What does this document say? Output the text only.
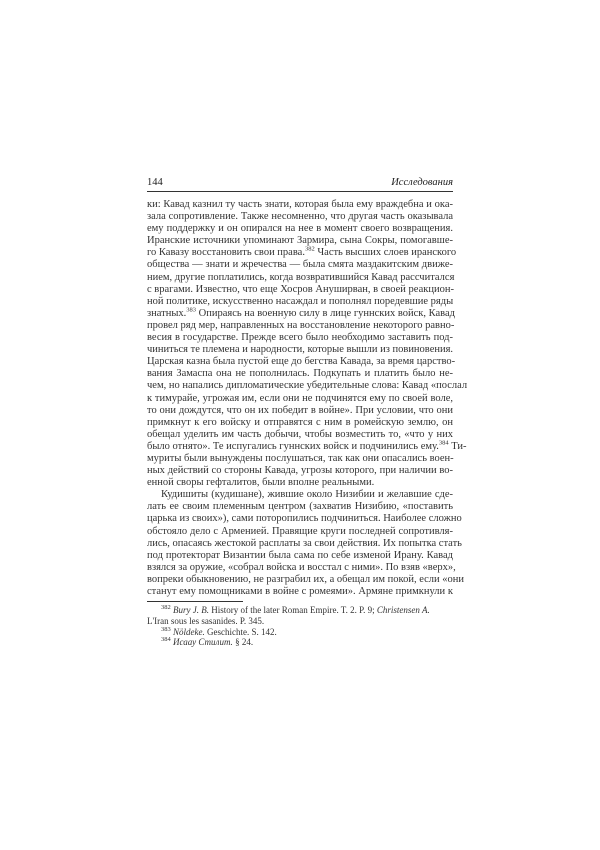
144	Исследования

ки: Кавад казнил ту часть знати, которая была ему враждебна и ока-
зала сопротивление. Также несомненно, что другая часть оказывала
ему поддержку и он опирался на нее в момент своего возвращения.
Иранские источники упоминают Зармира, сына Сокры, помогавше-
го Кавазу восстановить свои права.$^{382}$ Часть высших слоев иранского
общества — знати и жречества — была смята маздакитским движе-
нием, другие поплатились, когда возвратившийся Кавад рассчитался
с врагами. Известно, что еще Хосров Ануширван, в своей реакцион-
ной политике, искусственно насаждал и пополнял поредевшие ряды
знатных.$^{383}$ Опираясь на военную силу в лице гуннских войск, Кавад
провел ряд мер, направленных на восстановление некоторого равно-
весия в государстве. Прежде всего было необходимо заставить под-
чиниться те племена и народности, которые вышли из повиновения.
Царская казна была пустой еще до бегства Кавада, за время царство-
вания Замаспа она не пополнилась. Подкупать и платить было не-
чем, но напались дипломатические убедительные слова: Кавад «послал
к тимурайе, угрожая им, если они не подчинятся ему по своей воле,
то они дождутся, что он их победит в войне». При условии, что они
примкнут к его войску и отправятся с ним в ромейскую землю, он
обещал уделить им часть добычи, чтобы возместить то, «что у них
было отнято». Те испугались гуннских войск и подчинились ему.$^{384}$ Ти-
муриты были вынуждены послушаться, так как они опасались воен-
ных действий со стороны Кавада, угрозы которого, при наличии во-
енной своры гефталитов, были вполне реальными.

Кудишиты (кудишане), жившие около Низибии и желавшие сде-
лать ее своим племенным центром (захватив Низибию, «поставить
царька из своих»), сами поторопились подчиниться. Наиболее сложно
обстояло дело с Арменией. Правящие круги последней сопротивля-
лись, опасаясь жестокой расплаты за свои действия. Их попытка стать
под протекторат Византии была сама по себе изменой Ирану. Кавад
взялся за оружие, «собрал войска и восстал с ними». По взяв «верх»,
вопреки обыкновению, не разграбил их, а обещал им покой, если «они
станут ему помощниками в войне с ромеями». Армяне примкнули к

$^{382}$ Bury J. B. History of the later Roman Empire. T. 2. P. 9; Christensen A.
L'Iran sous les sasanides. P. 345.

$^{383}$ Nöldeke. Geschichte. S. 142.

$^{384}$ Исаау Стилит. § 24.
